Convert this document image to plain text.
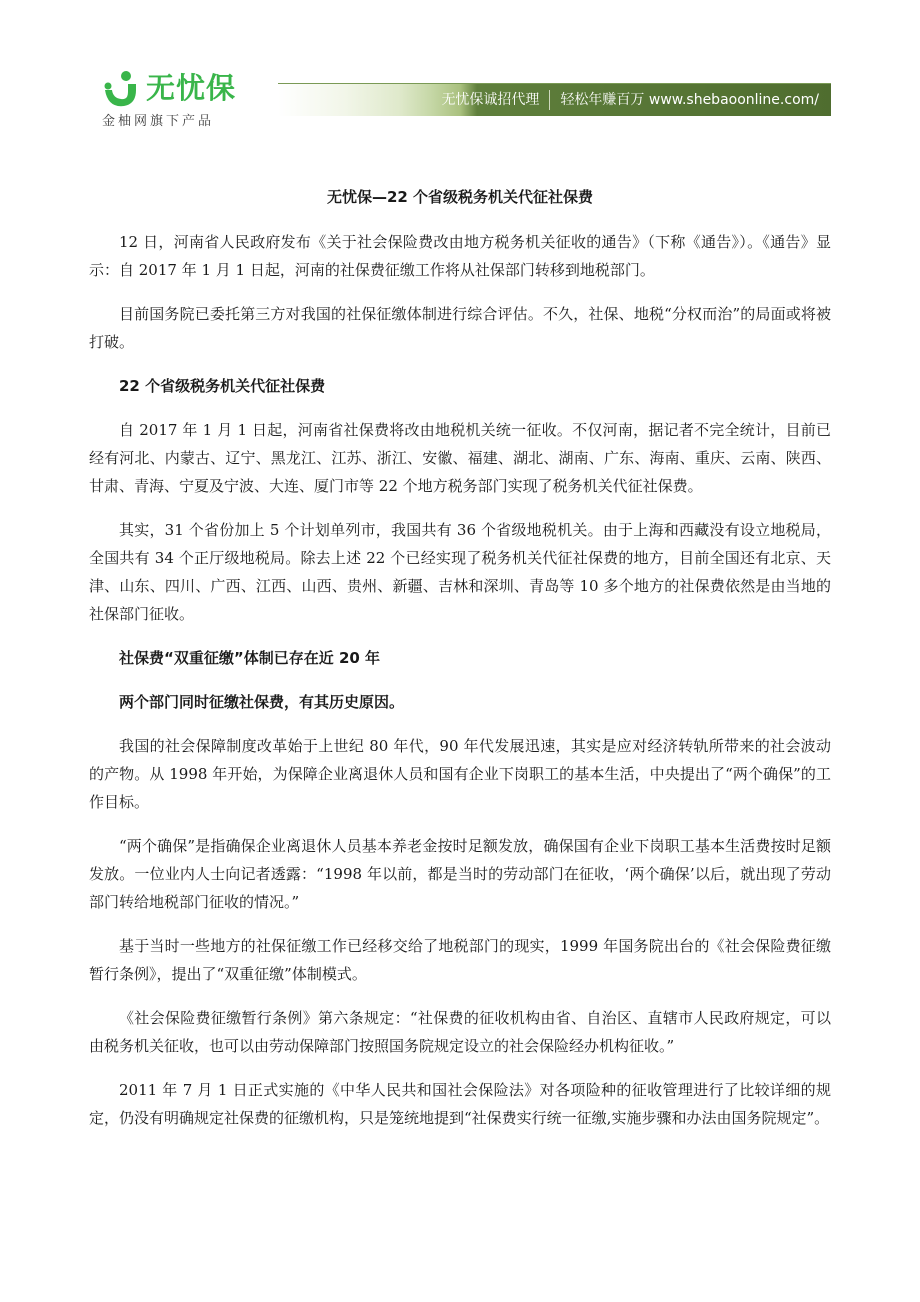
无忧保
金柚网旗下产品
无忧保诚招代理 轻松年赚百万 www.shebaoonline.com/
无忧保—22 个省级税务机关代征社保费

12 日，河南省人民政府发布《关于社会保险费改由地方税务机关征收的通告》（下称《通告》）。《通告》显示：自 2017 年 1 月 1 日起，河南的社保费征缴工作将从社保部门转移到地税部门。

目前国务院已委托第三方对我国的社保征缴体制进行综合评估。不久，社保、地税“分权而治”的局面或将被打破。

22 个省级税务机关代征社保费

自 2017 年 1 月 1 日起，河南省社保费将改由地税机关统一征收。不仅河南，据记者不完全统计，目前已经有河北、内蒙古、辽宁、黑龙江、江苏、浙江、安徽、福建、湖北、湖南、广东、海南、重庆、云南、陕西、甘肃、青海、宁夏及宁波、大连、厦门市等 22 个地方税务部门实现了税务机关代征社保费。

其实，31 个省份加上 5 个计划单列市，我国共有 36 个省级地税机关。由于上海和西藏没有设立地税局，全国共有 34 个正厅级地税局。除去上述 22 个已经实现了税务机关代征社保费的地方，目前全国还有北京、天津、山东、四川、广西、江西、山西、贵州、新疆、吉林和深圳、青岛等 10 多个地方的社保费依然是由当地的社保部门征收。

社保费“双重征缴”体制已存在近 20 年

两个部门同时征缴社保费，有其历史原因。

我国的社会保障制度改革始于上世纪 80 年代，90 年代发展迅速，其实是应对经济转轨所带来的社会波动的产物。从 1998 年开始，为保障企业离退休人员和国有企业下岗职工的基本生活，中央提出了“两个确保”的工作目标。

“两个确保”是指确保企业离退休人员基本养老金按时足额发放，确保国有企业下岗职工基本生活费按时足额发放。一位业内人士向记者透露：“1998 年以前，都是当时的劳动部门在征收，‘两个确保’以后，就出现了劳动部门转给地税部门征收的情况。”

基于当时一些地方的社保征缴工作已经移交给了地税部门的现实，1999 年国务院出台的《社会保险费征缴暂行条例》，提出了“双重征缴”体制模式。

《社会保险费征缴暂行条例》第六条规定：“社保费的征收机构由省、自治区、直辖市人民政府规定，可以由税务机关征收，也可以由劳动保障部门按照国务院规定设立的社会保险经办机构征收。”

2011 年 7 月 1 日正式实施的《中华人民共和国社会保险法》对各项险种的征收管理进行了比较详细的规定，仍没有明确规定社保费的征缴机构，只是笼统地提到“社保费实行统一征缴,实施步骤和办法由国务院规定”。
